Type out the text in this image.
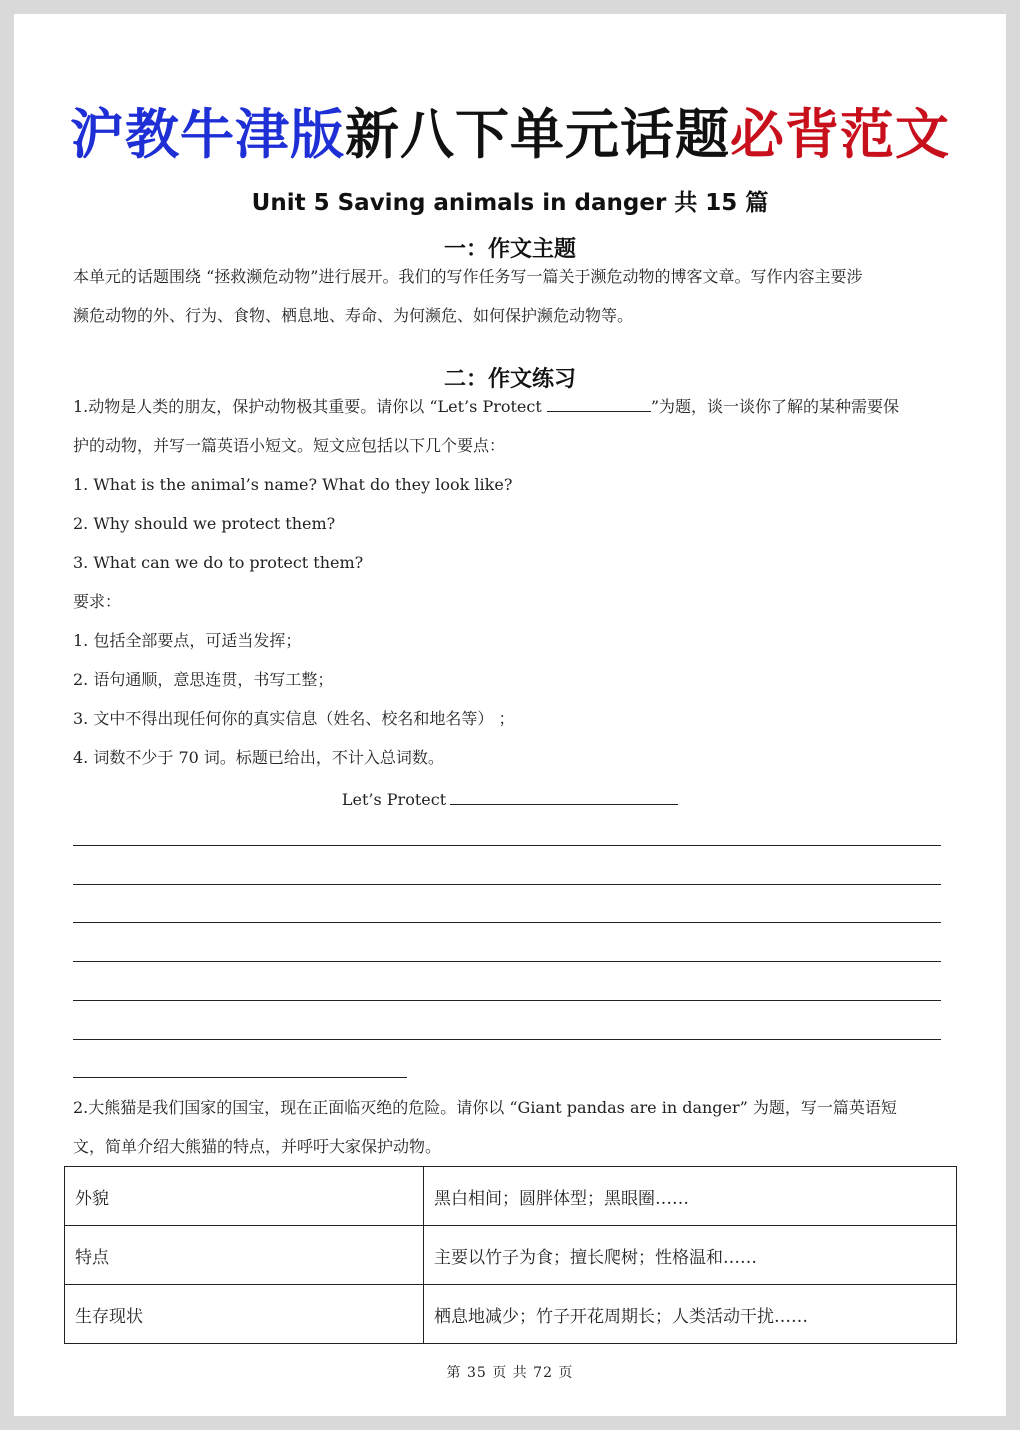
沪教牛津版新八下单元话题必背范文
Unit 5 Saving animals in danger 共 15 篇
一：作文主题
本单元的话题围绕 “拯救濒危动物”进行展开。我们的写作任务写一篇关于濒危动物的博客文章。写作内容主要涉
濒危动物的外、行为、食物、栖息地、寿命、为何濒危、如何保护濒危动物等。
二：作文练习
1.动物是人类的朋友，保护动物极其重要。请你以 “Let’s Protect	”为题，谈一谈你了解的某种需要保
护的动物，并写一篇英语小短文。短文应包括以下几个要点：
1. What is the animal’s name? What do they look like?
2. Why should we protect them?
3. What can we do to protect them?
要求：
1. 包括全部要点，可适当发挥；
2. 语句通顺，意思连贯，书写工整；
3. 文中不得出现任何你的真实信息（姓名、校名和地名等） ；
4. 词数不少于 70 词。标题已给出，不计入总词数。
Let’s Protect
2.大熊猫是我们国家的国宝，现在正面临灭绝的危险。请你以 “Giant pandas are in danger” 为题，写一篇英语短
文，简单介绍大熊猫的特点，并呼吁大家保护动物。
外貌	黑白相间；圆胖体型；黑眼圈……
特点	主要以竹子为食；擅长爬树；性格温和……
生存现状	栖息地减少；竹子开花周期长；人类活动干扰……
第 35 页 共 72 页
